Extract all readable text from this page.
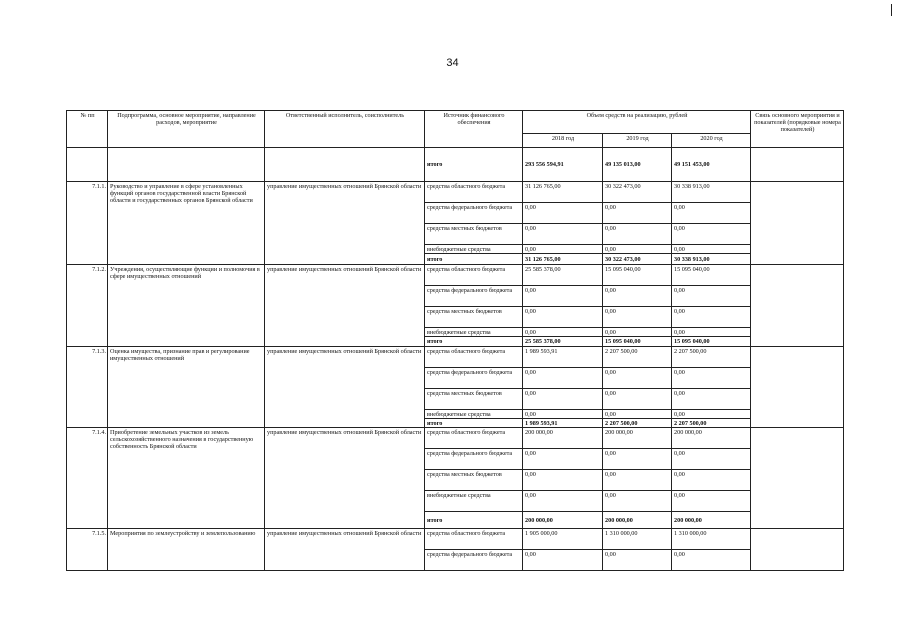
34
№ пп	Подпрограмма, основное мероприятие, направление расходов, мероприятие	Ответственный исполнитель, соисполнитель	Источник финансового обеспечения	Объем средств на реализацию, рублей			Связь основного мероприятия и показателей (порядковые номера показателей)
				2018 год	2019 год	2020 год	
			итого	293 556 594,91	49 135 013,00	49 151 453,00	
7.1.1.	Руководство и управление в сфере установленных функций органов государственной власти Брянской области и государственных органов Брянской области	управление имущественных отношений Брянской области	средства областного бюджета	31 126 765,00	30 322 473,00	30 338 913,00	
			средства федерального бюджета	0,00	0,00	0,00	
			средства местных бюджетов	0,00	0,00	0,00	
			внебюджетные средства	0,00	0,00	0,00	
			итого	31 126 765,00	30 322 473,00	30 338 913,00	
7.1.2.	Учреждения, осуществляющие функции и полномочия в сфере имущественных отношений	управление имущественных отношений Брянской области	средства областного бюджета	25 585 378,00	15 095 040,00	15 095 040,00	
			средства федерального бюджета	0,00	0,00	0,00	
			средства местных бюджетов	0,00	0,00	0,00	
			внебюджетные средства	0,00	0,00	0,00	
			итого	25 585 378,00	15 095 040,00	15 095 040,00	
7.1.3.	Оценка имущества, признание прав и регулирование имущественных отношений	управление имущественных отношений Брянской области	средства областного бюджета	1 989 593,91	2 207 500,00	2 207 500,00	
			средства федерального бюджета	0,00	0,00	0,00	
			средства местных бюджетов	0,00	0,00	0,00	
			внебюджетные средства	0,00	0,00	0,00	
			итого	1 989 593,91	2 207 500,00	2 207 500,00	
7.1.4.	Приобретение земельных участков из земель сельскохозяйственного назначения в государственную собственность Брянской области	управление имущественных отношений Брянской области	средства областного бюджета	200 000,00	200 000,00	200 000,00	
			средства федерального бюджета	0,00	0,00	0,00	
			средства местных бюджетов	0,00	0,00	0,00	
			внебюджетные средства	0,00	0,00	0,00	
			итого	200 000,00	200 000,00	200 000,00	
7.1.5.	Мероприятия по землеустройству и землепользованию	управление имущественных отношений Брянской области	средства областного бюджета	1 905 000,00	1 310 000,00	1 310 000,00	
			средства федерального бюджета	0,00	0,00	0,00	
